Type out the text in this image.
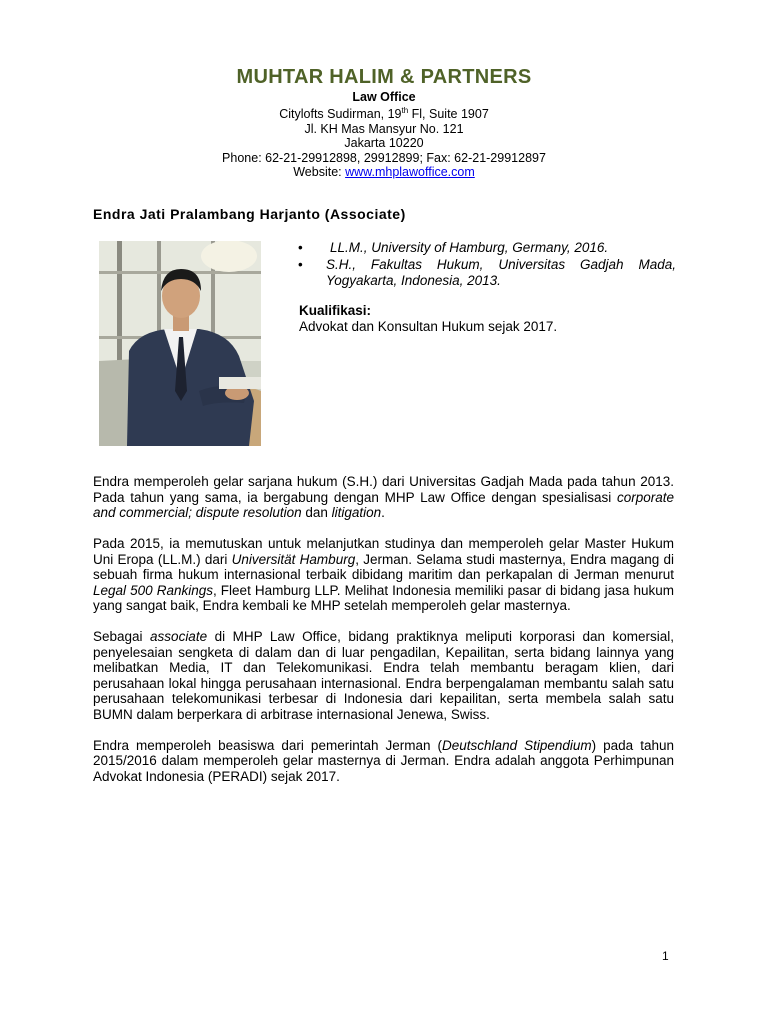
MUHTAR HALIM & PARTNERS
Law Office
Citylofts Sudirman, 19th Fl, Suite 1907
Jl. KH Mas Mansyur No. 121
Jakarta 10220
Phone: 62-21-29912898, 29912899; Fax: 62-21-29912897
Website: www.mhplawoffice.com
Endra Jati Pralambang Harjanto (Associate)
• LL.M., University of Hamburg, Germany, 2016.
• S.H., Fakultas Hukum, Universitas Gadjah Mada, Yogyakarta, Indonesia, 2013.
Kualifikasi:
Advokat dan Konsultan Hukum sejak 2017.

Endra memperoleh gelar sarjana hukum (S.H.) dari Universitas Gadjah Mada pada tahun 2013. Pada tahun yang sama, ia bergabung dengan MHP Law Office dengan spesialisasi corporate and commercial; dispute resolution dan litigation.

Pada 2015, ia memutuskan untuk melanjutkan studinya dan memperoleh gelar Master Hukum Uni Eropa (LL.M.) dari Universität Hamburg, Jerman. Selama studi masternya, Endra magang di sebuah firma hukum internasional terbaik dibidang maritim dan perkapalan di Jerman menurut Legal 500 Rankings, Fleet Hamburg LLP. Melihat Indonesia memiliki pasar di bidang jasa hukum yang sangat baik, Endra kembali ke MHP setelah memperoleh gelar masternya.

Sebagai associate di MHP Law Office, bidang praktiknya meliputi korporasi dan komersial, penyelesaian sengketa di dalam dan di luar pengadilan, Kepailitan, serta bidang lainnya yang melibatkan Media, IT dan Telekomunikasi. Endra telah membantu beragam klien, dari perusahaan lokal hingga perusahaan internasional. Endra berpengalaman membantu salah satu perusahaan telekomunikasi terbesar di Indonesia dari kepailitan, serta membela salah satu BUMN dalam berperkara di arbitrase internasional Jenewa, Swiss.

Endra memperoleh beasiswa dari pemerintah Jerman (Deutschland Stipendium) pada tahun 2015/2016 dalam memperoleh gelar masternya di Jerman. Endra adalah anggota Perhimpunan Advokat Indonesia (PERADI) sejak 2017.

1
